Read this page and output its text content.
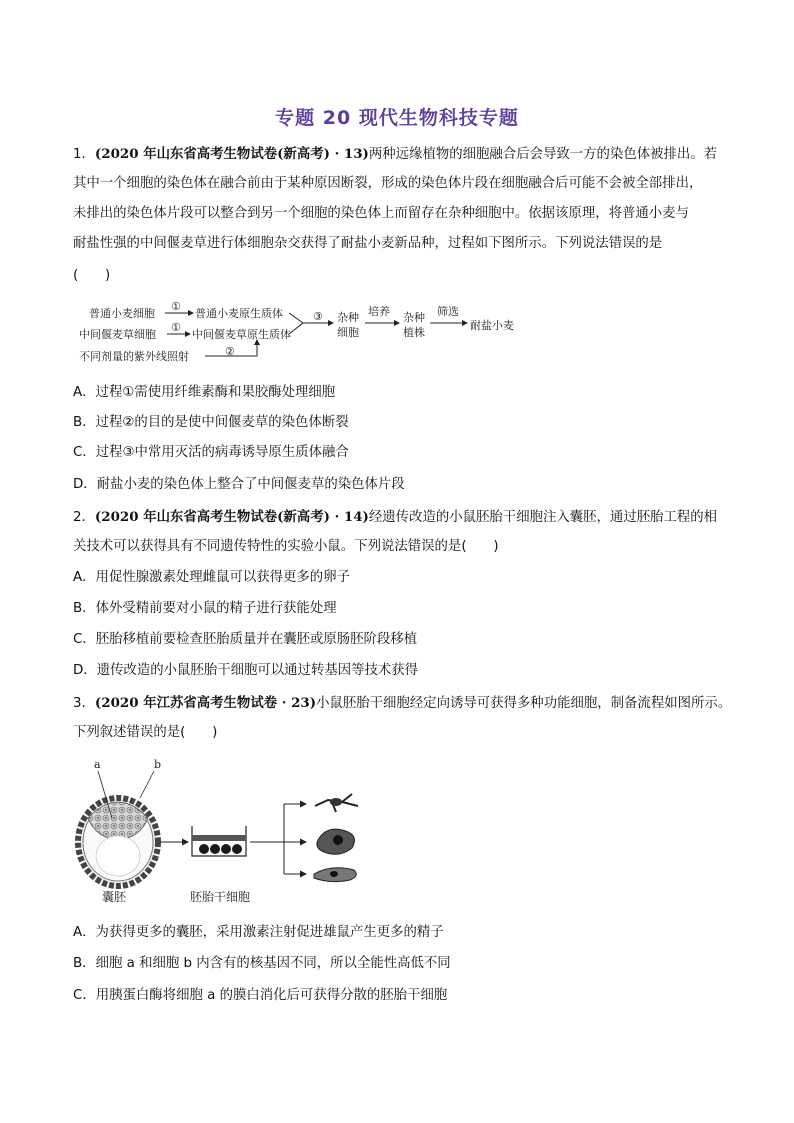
专题 20 现代生物科技专题
1．(2020 年山东省高考生物试卷(新高考) · 13)两种远缘植物的细胞融合后会导致一方的染色体被排出。若
其中一个细胞的染色体在融合前由于某种原因断裂，形成的染色体片段在细胞融合后可能不会被全部排出，
未排出的染色体片段可以整合到另一个细胞的染色体上而留存在杂种细胞中。依据该原理，将普通小麦与
耐盐性强的中间偃麦草进行体细胞杂交获得了耐盐小麦新品种，过程如下图所示。下列说法错误的是
(　　)
普通小麦细胞
中间偃麦草细胞
不同剂量的紫外线照射
①
①
②
③
普通小麦原生质体
中间偃麦草原生质体
杂种
细胞
培养 杂种
植株
筛选
耐盐小麦
A．过程①需使用纤维素酶和果胶酶处理细胞
B．过程②的目的是使中间偃麦草的染色体断裂
C．过程③中常用灭活的病毒诱导原生质体融合
D．耐盐小麦的染色体上整合了中间偃麦草的染色体片段
2．(2020 年山东省高考生物试卷(新高考) · 14)经遗传改造的小鼠胚胎干细胞注入囊胚，通过胚胎工程的相
关技术可以获得具有不同遗传特性的实验小鼠。下列说法错误的是(　　)
A．用促性腺激素处理雌鼠可以获得更多的卵子
B．体外受精前要对小鼠的精子进行获能处理
C．胚胎移植前要检查胚胎质量并在囊胚或原肠胚阶段移植
D．遗传改造的小鼠胚胎干细胞可以通过转基因等技术获得
3．(2020 年江苏省高考生物试卷 · 23)小鼠胚胎干细胞经定向诱导可获得多种功能细胞，制备流程如图所示。
下列叙述错误的是(　　)
a	b
囊胚	胚胎干细胞
A．为获得更多的囊胚，采用激素注射促进雄鼠产生更多的精子
B．细胞 a 和细胞 b 内含有的核基因不同，所以全能性高低不同
C．用胰蛋白酶将细胞 a 的膜白消化后可获得分散的胚胎干细胞
